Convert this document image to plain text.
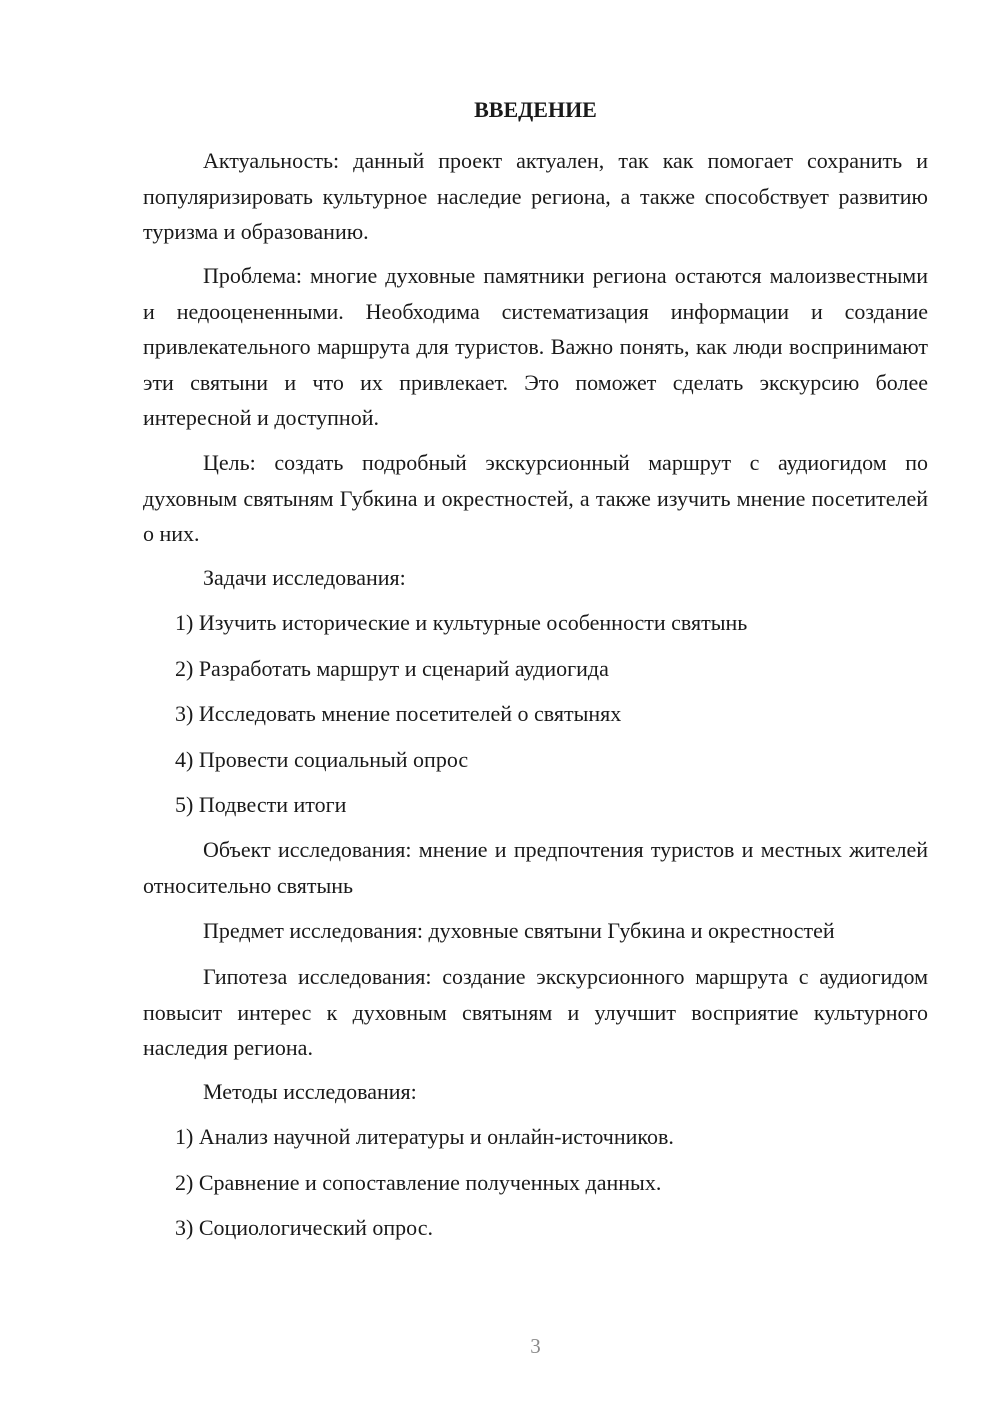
ВВЕДЕНИЕ
Актуальность: данный проект актуален, так как помогает сохранить и популяризировать культурное наследие региона, а также способствует развитию туризма и образованию.
Проблема: многие духовные памятники региона остаются малоизвестными и недооцененными. Необходима систематизация информации и создание привлекательного маршрута для туристов. Важно понять, как люди воспринимают эти святыни и что их привлекает. Это поможет сделать экскурсию более интересной и доступной.
Цель: создать подробный экскурсионный маршрут с аудиогидом по духовным святыням Губкина и окрестностей, а также изучить мнение посетителей о них.
Задачи исследования:
1) Изучить исторические и культурные особенности святынь
2) Разработать маршрут и сценарий аудиогида
3) Исследовать мнение посетителей о святынях
4) Провести социальный опрос
5) Подвести итоги
Объект исследования: мнение и предпочтения туристов и местных жителей относительно святынь
Предмет исследования: духовные святыни Губкина и окрестностей
Гипотеза исследования: создание экскурсионного маршрута с аудиогидом повысит интерес к духовным святыням и улучшит восприятие культурного наследия региона.
Методы исследования:
1) Анализ научной литературы и онлайн-источников.
2) Сравнение и сопоставление полученных данных.
3) Социологический опрос.
3
